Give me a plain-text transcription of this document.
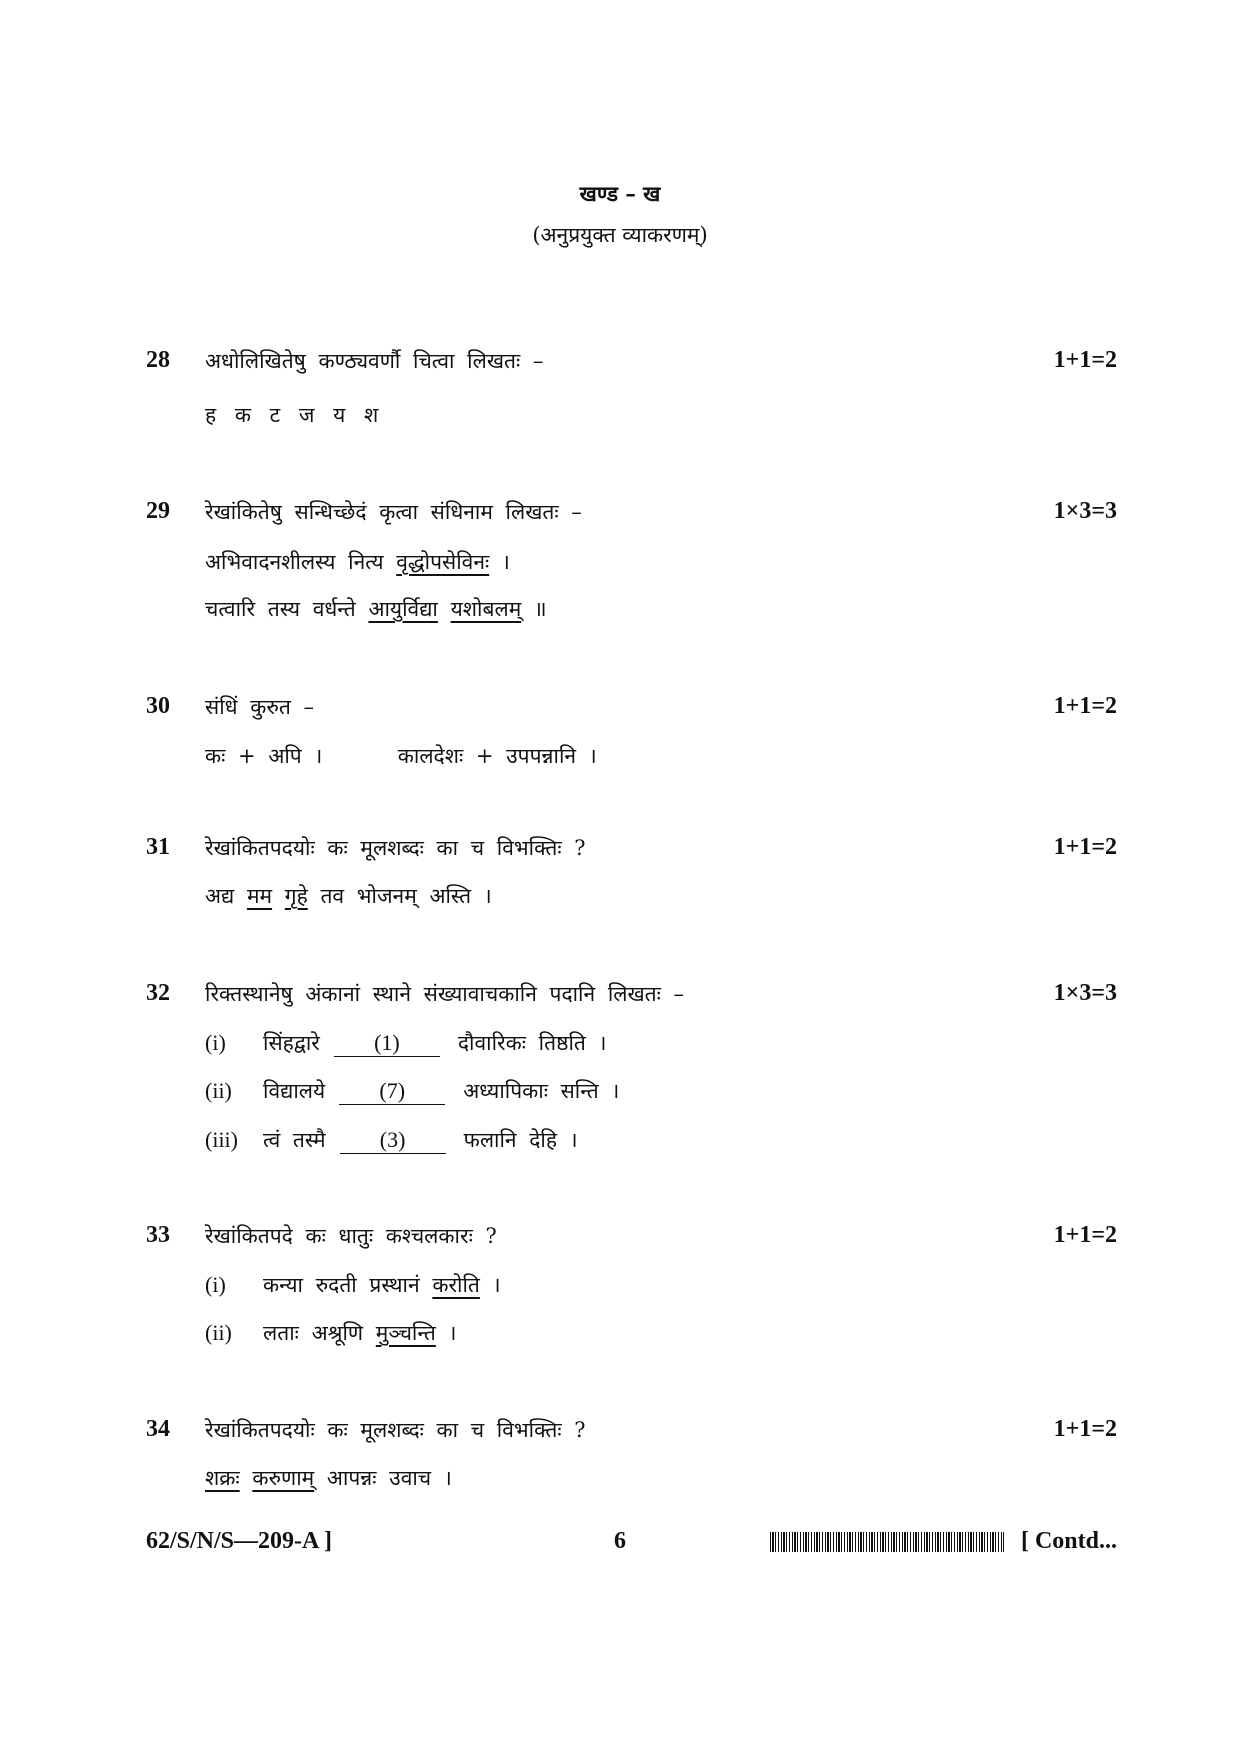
खण्ड – ख
(अनुप्रयुक्त व्याकरणम्)
28 अधोलिखितेषु कण्ठ्यवर्णौ चित्वा लिखतः –	1+1=2
ह क ट ज य श
29 रेखांकितेषु सन्धिच्छेदं कृत्वा संधिनाम लिखतः –	1×3=3
अभिवादनशीलस्य नित्य वृद्धोपसेविनः ।
चत्वारि तस्य वर्धन्ते आयुर्विद्या यशोबलम् ॥
30 संधिं कुरुत –	1+1=2
कः + अपि ।	कालदेशः + उपपन्नानि ।
31 रेखांकितपदयोः कः मूलशब्दः का च विभक्तिः ?	1+1=2
अद्य मम गृहे तव भोजनम् अस्ति ।
32 रिक्तस्थानेषु अंकानां स्थाने संख्यावाचकानि पदानि लिखतः –	1×3=3
(i) सिंहद्वारे (1)	दौवारिकः तिष्ठति ।
(ii) विद्यालये (7)	अध्यापिकाः सन्ति ।
(iii) त्वं तस्मै (3)	फलानि देहि ।
33 रेखांकितपदे कः धातुः कश्चलकारः ?	1+1=2
(i) कन्या रुदती प्रस्थानं करोति ।
(ii) लताः अश्रूणि मुञ्चन्ति ।
34 रेखांकितपदयोः कः मूलशब्दः का च विभक्तिः ?	1+1=2
शक्रः करुणाम् आपन्नः उवाच ।
62/S/N/S—209-A ]	6	[ Contd...
